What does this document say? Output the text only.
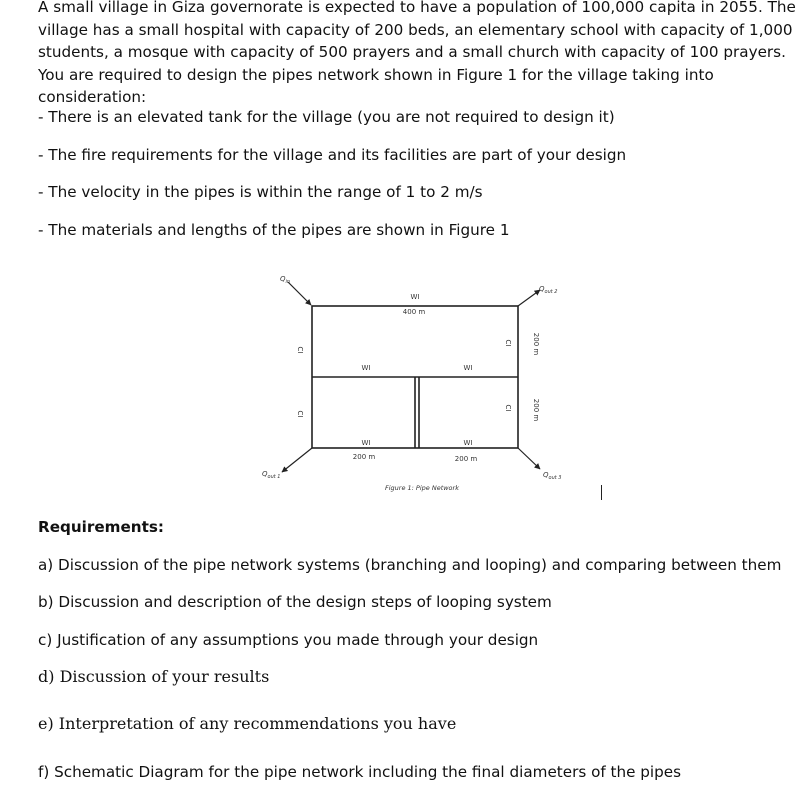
A small village in Giza governorate is expected to have a population of 100,000 capita in 2055. The village has a small hospital with capacity of 200 beds, an elementary school with capacity of 1,000 students, a mosque with capacity of 500 prayers and a small church with capacity of 100 prayers. You are required to design the pipes network shown in Figure 1 for the village taking into consideration:

- There is an elevated tank for the village (you are not required to design it)

- The fire requirements for the village and its facilities are part of your design

- The velocity in the pipes is within the range of 1 to 2 m/s

- The materials and lengths of the pipes are shown in Figure 1

$Q_{in}$
$Q_{out 1}$
$Q_{out 2}$
$Q_{out 3}$
WI
400 m
WI	WI
WI
200 m
WI
200 m
CI
CI
CI
CI
200 m
200 m
Figure 1: Pipe Network

Requirements:

a) Discussion of the pipe network systems (branching and looping) and comparing between them

b) Discussion and description of the design steps of looping system

c) Justification of any assumptions you made through your design

d) Discussion of your results

e) Interpretation of any recommendations you have

f) Schematic Diagram for the pipe network including the final diameters of the pipes
